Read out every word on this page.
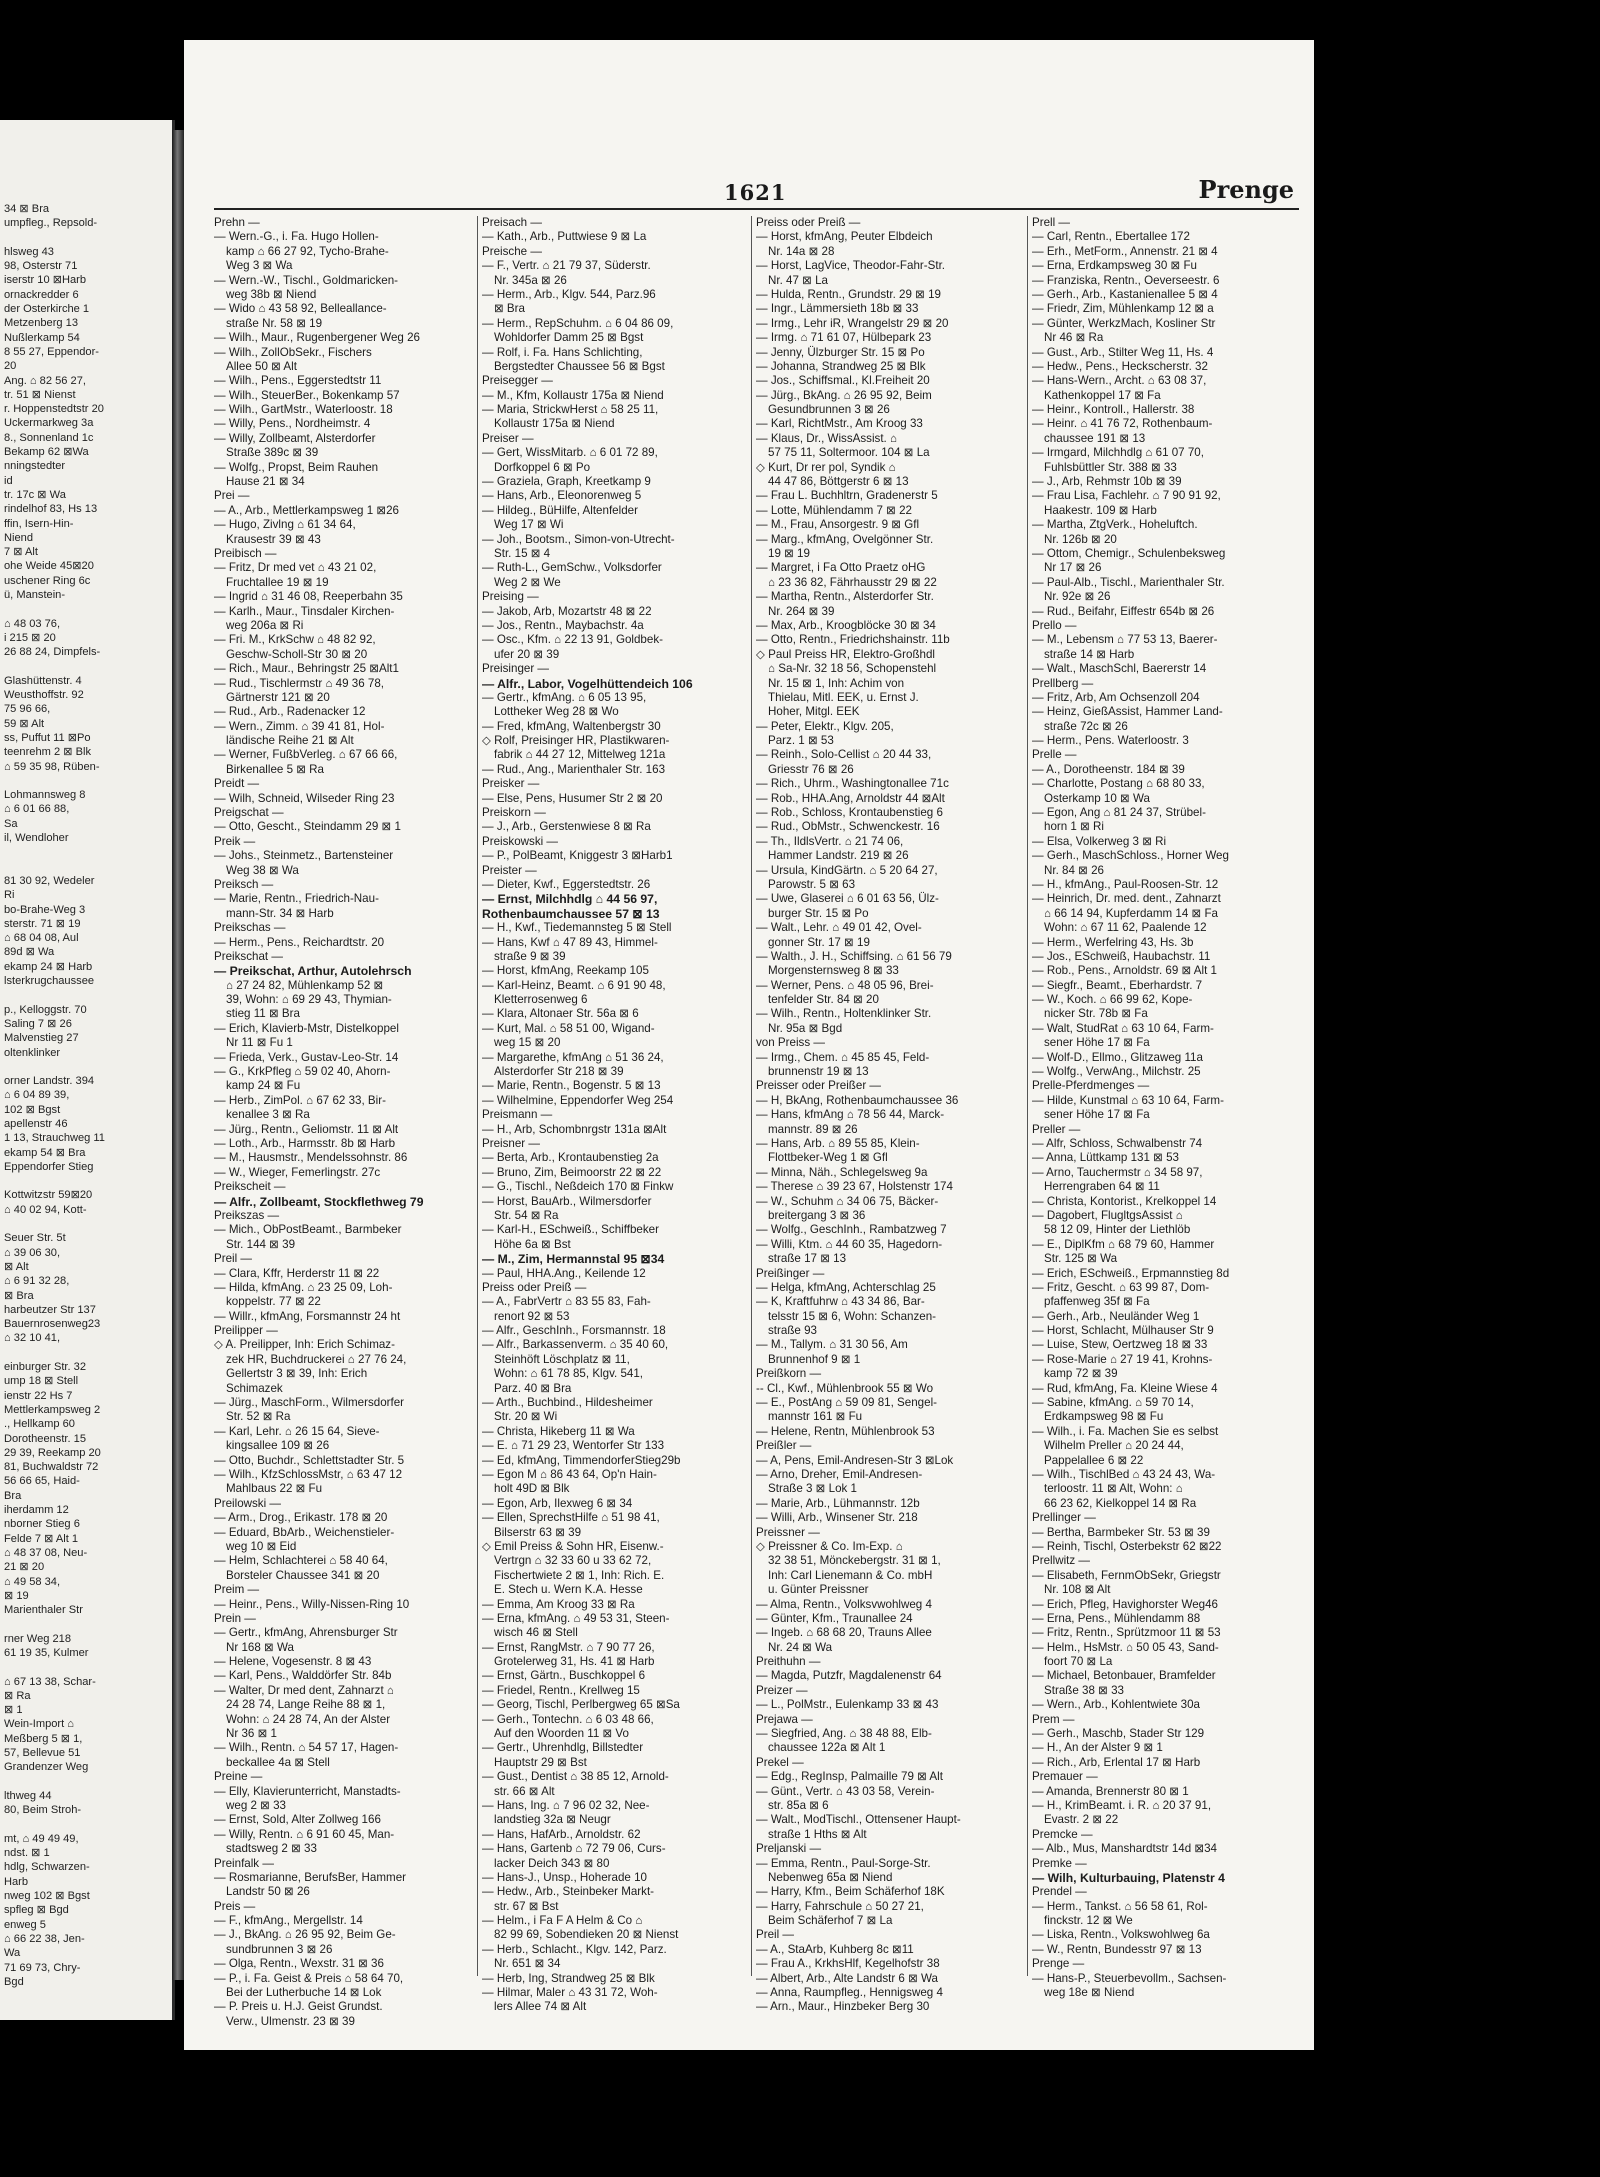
34 ⊠ Bra
umpfleg., Repsold-
hlsweg 43
98, Osterstr 71
iserstr 10 ⊠Harb
ornackredder 6
der Osterkirche 1
Metzenberg 13
Nußlerkamp 54
8 55 27, Eppendor-
20
Ang. ⌂ 82 56 27,
tr. 51 ⊠ Nienst
r. Hoppenstedtstr 20
Uckermarkweg 3a
8., Sonnenland 1c
Bekamp 62 ⊠Wa
nningstedter
id
tr. 17c ⊠ Wa
rindelhof 83, Hs 13
ffin, Isern-Hin-
Niend
7 ⊠ Alt
ohe Weide 45⊠20
uschener Ring 6c
ü, Manstein-
⌂ 48 03 76,
i 215 ⊠ 20
26 88 24, Dimpfels-
Glashüttenstr. 4
Weusthoffstr. 92
75 96 66,
59 ⊠ Alt
ss, Puffut 11 ⊠Po
teenrehm 2 ⊠ Blk
⌂ 59 35 98, Rüben-
Lohmannsweg 8
⌂ 6 01 66 88,
Sa
il, Wendloher
81 30 92, Wedeler
Ri
bo-Brahe-Weg 3
sterstr. 71 ⊠ 19
⌂ 68 04 08, Aul
89d ⊠ Wa
ekamp 24 ⊠ Harb
lsterkrugchaussee
p., Kelloggstr. 70
Saling 7 ⊠ 26
Malvenstieg 27
oltenklinker
orner Landstr. 394
⌂ 6 04 89 39,
102 ⊠ Bgst
apellenstr 46
1 13, Strauchweg 11
ekamp 54 ⊠ Bra
Eppendorfer Stieg
Kottwitzstr 59⊠20
⌂ 40 02 94, Kott-
Seuer Str. 5t
⌂ 39 06 30,
⊠ Alt
⌂ 6 91 32 28,
⊠ Bra
harbeutzer Str 137
Bauernrosenweg23
⌂ 32 10 41,
einburger Str. 32
ump 18 ⊠ Stell
ienstr 22 Hs 7
Mettlerkampsweg 2
., Hellkamp 60
Dorotheenstr. 15
29 39, Reekamp 20
81, Buchwaldstr 72
56 66 65, Haid-
Bra
iherdamm 12
nborner Stieg 6
Felde 7 ⊠ Alt 1
⌂ 48 37 08, Neu-
21 ⊠ 20
⌂ 49 58 34,
⊠ 19
Marienthaler Str
rner Weg 218
61 19 35, Kulmer
⌂ 67 13 38, Schar-
⊠ Ra
⊠ 1
Wein-Import ⌂
Meßberg 5 ⊠ 1,
57, Bellevue 51
Grandenzer Weg
lthweg 44
80, Beim Stroh-
mt, ⌂ 49 49 49,
ndst. ⊠ 1
hdlg, Schwarzen-
Harb
nweg 102 ⊠ Bgst
spfleg ⊠ Bgd
enweg 5
⌂ 66 22 38, Jen-
Wa
71 69 73, Chry-
Bgd
1621	Prenge
Prehn —
— Wern.-G., i. Fa. Hugo Hollen-
kamp ⌂ 66 27 92, Tycho-Brahe-
Weg 3 ⊠ Wa
— Wern.-W., Tischl., Goldmaricken-
weg 38b ⊠ Niend
— Wido ⌂ 43 58 92, Belleallance-
straße Nr. 58 ⊠ 19
— Wilh., Maur., Rugenbergener Weg 26
— Wilh., ZollObSekr., Fischers
Allee 50 ⊠ Alt
— Wilh., Pens., Eggerstedtstr 11
— Wilh., SteuerBer., Bokenkamp 57
— Wilh., GartMstr., Waterloostr. 18
— Willy, Pens., Nordheimstr. 4
— Willy, Zollbeamt, Alsterdorfer
Straße 389c ⊠ 39
— Wolfg., Propst, Beim Rauhen
Hause 21 ⊠ 34
Prei —
— A., Arb., Mettlerkampsweg 1 ⊠26
— Hugo, Zivlng ⌂ 61 34 64,
Krausestr 39 ⊠ 43
Preibisch —
— Fritz, Dr med vet ⌂ 43 21 02,
Fruchtallee 19 ⊠ 19
— Ingrid ⌂ 31 46 08, Reeperbahn 35
— Karlh., Maur., Tinsdaler Kirchen-
weg 206a ⊠ Ri
— Fri. M., KrkSchw ⌂ 48 82 92,
Geschw-Scholl-Str 30 ⊠ 20
— Rich., Maur., Behringstr 25 ⊠Alt1
— Rud., Tischlermstr ⌂ 49 36 78,
Gärtnerstr 121 ⊠ 20
— Rud., Arb., Radenacker 12
— Wern., Zimm. ⌂ 39 41 81, Hol-
ländische Reihe 21 ⊠ Alt
— Werner, FußbVerleg. ⌂ 67 66 66,
Birkenallee 5 ⊠ Ra
Preidt —
— Wilh, Schneid, Wilseder Ring 23
Preigschat —
— Otto, Gescht., Steindamm 29 ⊠ 1
Preik —
— Johs., Steinmetz., Bartensteiner
Weg 38 ⊠ Wa
Preiksch —
— Marie, Rentn., Friedrich-Nau-
mann-Str. 34 ⊠ Harb
Preikschas —
— Herm., Pens., Reichardtstr. 20
Preikschat —
— Preikschat, Arthur, Autolehrsch
⌂ 27 24 82, Mühlenkamp 52 ⊠
39, Wohn: ⌂ 69 29 43, Thymian-
stieg 11 ⊠ Bra
— Erich, Klavierb-Mstr, Distelkoppel
Nr 11 ⊠ Fu 1
— Frieda, Verk., Gustav-Leo-Str. 14
— G., KrkPfleg ⌂ 59 02 40, Ahorn-
kamp 24 ⊠ Fu
— Herb., ZimPol. ⌂ 67 62 33, Bir-
kenallee 3 ⊠ Ra
— Jürg., Rentn., Geliomstr. 11 ⊠ Alt
— Loth., Arb., Harmsstr. 8b ⊠ Harb
— M., Hausmstr., Mendelssohnstr. 86
— W., Wieger, Femerlingstr. 27c
Preikscheit —
— Alfr., Zollbeamt, Stockflethweg 79
Preikszas —
— Mich., ObPostBeamt., Barmbeker
Str. 144 ⊠ 39
Preil —
— Clara, Kffr, Herderstr 11 ⊠ 22
— Hilda, kfmAng. ⌂ 23 25 09, Loh-
koppelstr. 77 ⊠ 22
— Willr., kfmAng, Forsmannstr 24 ht
Preilipper —
◇ A. Preilipper, Inh: Erich Schimaz-
zek HR, Buchdruckerei ⌂ 27 76 24,
Gellertstr 3 ⊠ 39, Inh: Erich
Schimazek
— Jürg., MaschForm., Wilmersdorfer
Str. 52 ⊠ Ra
— Karl, Lehr. ⌂ 26 15 64, Sieve-
kingsallee 109 ⊠ 26
— Otto, Buchdr., Schlettstadter Str. 5
— Wilh., KfzSchlossMstr, ⌂ 63 47 12
Mahlbaus 22 ⊠ Fu
Preilowski —
— Arm., Drog., Erikastr. 178 ⊠ 20
— Eduard, BbArb., Weichenstieler-
weg 10 ⊠ Eid
— Helm, Schlachterei ⌂ 58 40 64,
Borsteler Chaussee 341 ⊠ 20
Preim —
— Heinr., Pens., Willy-Nissen-Ring 10
Prein —
— Gertr., kfmAng, Ahrensburger Str
Nr 168 ⊠ Wa
— Helene, Vogesenstr. 8 ⊠ 43
— Karl, Pens., Walddörfer Str. 84b
— Walter, Dr med dent, Zahnarzt ⌂
24 28 74, Lange Reihe 88 ⊠ 1,
Wohn: ⌂ 24 28 74, An der Alster
Nr 36 ⊠ 1
— Wilh., Rentn. ⌂ 54 57 17, Hagen-
beckallee 4a ⊠ Stell
Preine —
— Elly, Klavierunterricht, Manstadts-
weg 2 ⊠ 33
— Ernst, Sold, Alter Zollweg 166
— Willy, Rentn. ⌂ 6 91 60 45, Man-
stadtsweg 2 ⊠ 33
Preinfalk —
— Rosmarianne, BerufsBer, Hammer
Landstr 50 ⊠ 26
Preis —
— F., kfmAng., Mergellstr. 14
— J., BkAng. ⌂ 26 95 92, Beim Ge-
sundbrunnen 3 ⊠ 26
— Olga, Rentn., Wexstr. 31 ⊠ 36
— P., i. Fa. Geist & Preis ⌂ 58 64 70,
Bei der Lutherbuche 14 ⊠ Lok
— P. Preis u. H.J. Geist Grundst.
Verw., Ulmenstr. 23 ⊠ 39
Preisach —
— Kath., Arb., Puttwiese 9 ⊠ La
Preische —
— F., Vertr. ⌂ 21 79 37, Süderstr.
Nr. 345a ⊠ 26
— Herm., Arb., Klgv. 544, Parz.96
⊠ Bra
— Herm., RepSchuhm. ⌂ 6 04 86 09,
Wohldorfer Damm 25 ⊠ Bgst
— Rolf, i. Fa. Hans Schlichting,
Bergstedter Chaussee 56 ⊠ Bgst
Preisegger —
— M., Kfm, Kollaustr 175a ⊠ Niend
— Maria, StrickwHerst ⌂ 58 25 11,
Kollaustr 175a ⊠ Niend
Preiser —
— Gert, WissMitarb. ⌂ 6 01 72 89,
Dorfkoppel 6 ⊠ Po
— Graziela, Graph, Kreetkamp 9
— Hans, Arb., Eleonorenweg 5
— Hildeg., BüHilfe, Altenfelder
Weg 17 ⊠ Wi
— Joh., Bootsm., Simon-von-Utrecht-
Str. 15 ⊠ 4
— Ruth-L., GemSchw., Volksdorfer
Weg 2 ⊠ We
Preising —
— Jakob, Arb, Mozartstr 48 ⊠ 22
— Jos., Rentn., Maybachstr. 4a
— Osc., Kfm. ⌂ 22 13 91, Goldbek-
ufer 20 ⊠ 39
Preisinger —
— Alfr., Labor, Vogelhüttendeich 106
— Gertr., kfmAng. ⌂ 6 05 13 95,
Lottheker Weg 28 ⊠ Wo
— Fred, kfmAng, Waltenbergstr 30
◇ Rolf, Preisinger HR, Plastikwaren-
fabrik ⌂ 44 27 12, Mittelweg 121a
— Rud., Ang., Marienthaler Str. 163
Preisker —
— Else, Pens, Husumer Str 2 ⊠ 20
Preiskorn —
— J., Arb., Gerstenwiese 8 ⊠ Ra
Preiskowski —
— P., PolBeamt, Kniggestr 3 ⊠Harb1
Preister —
— Dieter, Kwf., Eggerstedtstr. 26
— Ernst, Milchhdlg ⌂ 44 56 97,
Rothenbaumchaussee 57 ⊠ 13
— H., Kwf., Tiedemannsteg 5 ⊠ Stell
— Hans, Kwf ⌂ 47 89 43, Himmel-
straße 9 ⊠ 39
— Horst, kfmAng, Reekamp 105
— Karl-Heinz, Beamt. ⌂ 6 91 90 48,
Kletterrosenweg 6
— Klara, Altonaer Str. 56a ⊠ 6
— Kurt, Mal. ⌂ 58 51 00, Wigand-
weg 15 ⊠ 20
— Margarethe, kfmAng ⌂ 51 36 24,
Alsterdorfer Str 218 ⊠ 39
— Marie, Rentn., Bogenstr. 5 ⊠ 13
— Wilhelmine, Eppendorfer Weg 254
Preismann —
— H., Arb, Schombnrgstr 131a ⊠Alt
Preisner —
— Berta, Arb., Krontaubenstieg 2a
— Bruno, Zim, Beimoorstr 22 ⊠ 22
— G., Tischl., Neßdeich 170 ⊠ Finkw
— Horst, BauArb., Wilmersdorfer
Str. 54 ⊠ Ra
— Karl-H., ESchweiß., Schiffbeker
Höhe 6a ⊠ Bst
— M., Zim, Hermannstal 95 ⊠34
— Paul, HHA.Ang., Keilende 12
Preiss oder Preiß —
— A., FabrVertr ⌂ 83 55 83, Fah-
renort 92 ⊠ 53
— Alfr., GeschInh., Forsmannstr. 18
— Alfr., Barkassenverm. ⌂ 35 40 60,
Steinhöft Löschplatz ⊠ 11,
Wohn: ⌂ 61 78 85, Klgv. 541,
Parz. 40 ⊠ Bra
— Arth., Buchbind., Hildesheimer
Str. 20 ⊠ Wi
— Christa, Hikeberg 11 ⊠ Wa
— E. ⌂ 71 29 23, Wentorfer Str 133
— Ed, kfmAng, TimmendorferStieg29b
— Egon M ⌂ 86 43 64, Op'n Hain-
holt 49D ⊠ Blk
— Egon, Arb, Ilexweg 6 ⊠ 34
— Ellen, SprechstHilfe ⌂ 51 98 41,
Bilserstr 63 ⊠ 39
◇ Emil Preiss & Sohn HR, Eisenw.-
Vertrgn ⌂ 32 33 60 u 33 62 72,
Fischertwiete 2 ⊠ 1, Inh: Rich. E.
E. Stech u. Wern K.A. Hesse
— Emma, Am Kroog 33 ⊠ Ra
— Erna, kfmAng. ⌂ 49 53 31, Steen-
wisch 46 ⊠ Stell
— Ernst, RangMstr. ⌂ 7 90 77 26,
Grotelerweg 31, Hs. 41 ⊠ Harb
— Ernst, Gärtn., Buschkoppel 6
— Friedel, Rentn., Krellweg 15
— Georg, Tischl, Perlbergweg 65 ⊠Sa
— Gerh., Tontechn. ⌂ 6 03 48 66,
Auf den Woorden 11 ⊠ Vo
— Gertr., Uhrenhdlg, Billstedter
Hauptstr 29 ⊠ Bst
— Gust., Dentist ⌂ 38 85 12, Arnold-
str. 66 ⊠ Alt
— Hans, Ing. ⌂ 7 96 02 32, Nee-
landstieg 32a ⊠ Neugr
— Hans, HafArb., Arnoldstr. 62
— Hans, Gartenb ⌂ 72 79 06, Curs-
lacker Deich 343 ⊠ 80
— Hans-J., Unsp., Hoherade 10
— Hedw., Arb., Steinbeker Markt-
str. 67 ⊠ Bst
— Helm., i Fa F A Helm & Co ⌂
82 99 69, Sobendieken 20 ⊠ Nienst
— Herb., Schlacht., Klgv. 142, Parz.
Nr. 651 ⊠ 34
— Herb, Ing, Strandweg 25 ⊠ Blk
— Hilmar, Maler ⌂ 43 31 72, Woh-
lers Allee 74 ⊠ Alt
Preiss oder Preiß —
— Horst, kfmAng, Peuter Elbdeich
Nr. 14a ⊠ 28
— Horst, LagVice, Theodor-Fahr-Str.
Nr. 47 ⊠ La
— Hulda, Rentn., Grundstr. 29 ⊠ 19
— Ingr., Lämmersieth 18b ⊠ 33
— Irmg., Lehr iR, Wrangelstr 29 ⊠ 20
— Irmg. ⌂ 71 61 07, Hülbepark 23
— Jenny, Ülzburger Str. 15 ⊠ Po
— Johanna, Strandweg 25 ⊠ Blk
— Jos., Schiffsmal., Kl.Freiheit 20
— Jürg., BkAng. ⌂ 26 95 92, Beim
Gesundbrunnen 3 ⊠ 26
— Karl, RichtMstr., Am Kroog 33
— Klaus, Dr., WissAssist. ⌂
57 75 11, Soltermoor. 104 ⊠ La
◇ Kurt, Dr rer pol, Syndik ⌂
44 47 86, Böttgerstr 6 ⊠ 13
— Frau L. Buchhltrn, Gradenerstr 5
— Lotte, Mühlendamm 7 ⊠ 22
— M., Frau, Ansorgestr. 9 ⊠ Gfl
— Marg., kfmAng, Ovelgönner Str.
19 ⊠ 19
— Margret, i Fa Otto Praetz oHG
⌂ 23 36 82, Fährhausstr 29 ⊠ 22
— Martha, Rentn., Alsterdorfer Str.
Nr. 264 ⊠ 39
— Max, Arb., Kroogblöcke 30 ⊠ 34
— Otto, Rentn., Friedrichshainstr. 11b
◇ Paul Preiss HR, Elektro-Großhdl
⌂ Sa-Nr. 32 18 56, Schopenstehl
Nr. 15 ⊠ 1, Inh: Achim von
Thielau, Mitl. EEK, u. Ernst J.
Hoher, Mitgl. EEK
— Peter, Elektr., Klgv. 205,
Parz. 1 ⊠ 53
— Reinh., Solo-Cellist ⌂ 20 44 33,
Griesstr 76 ⊠ 26
— Rich., Uhrm., Washingtonallee 71c
— Rob., HHA.Ang, Arnoldstr 44 ⊠Alt
— Rob., Schloss, Krontaubenstieg 6
— Rud., ObMstr., Schwenckestr. 16
— Th., IldlsVertr. ⌂ 21 74 06,
Hammer Landstr. 219 ⊠ 26
— Ursula, KindGärtn. ⌂ 5 20 64 27,
Parowstr. 5 ⊠ 63
— Uwe, Glaserei ⌂ 6 01 63 56, Ülz-
burger Str. 15 ⊠ Po
— Walt., Lehr. ⌂ 49 01 42, Ovel-
gonner Str. 17 ⊠ 19
— Walth., J. H., Schiffsing. ⌂ 61 56 79
Morgensternsweg 8 ⊠ 33
— Werner, Pens. ⌂ 48 05 96, Brei-
tenfelder Str. 84 ⊠ 20
— Wilh., Rentn., Holtenklinker Str.
Nr. 95a ⊠ Bgd
von Preiss —
— Irmg., Chem. ⌂ 45 85 45, Feld-
brunnenstr 19 ⊠ 13
Preisser oder Preißer —
— H, BkAng, Rothenbaumchaussee 36
— Hans, kfmAng ⌂ 78 56 44, Marck-
mannstr. 89 ⊠ 26
— Hans, Arb. ⌂ 89 55 85, Klein-
Flottbeker-Weg 1 ⊠ Gfl
— Minna, Näh., Schlegelsweg 9a
— Therese ⌂ 39 23 67, Holstenstr 174
— W., Schuhm ⌂ 34 06 75, Bäcker-
breitergang 3 ⊠ 36
— Wolfg., GeschInh., Rambatzweg 7
— Willi, Ktm. ⌂ 44 60 35, Hagedorn-
straße 17 ⊠ 13
Preißinger —
— Helga, kfmAng, Achterschlag 25
— K, Kraftfuhrw ⌂ 43 34 86, Bar-
telsstr 15 ⊠ 6, Wohn: Schanzen-
straße 93
— M., Tallym. ⌂ 31 30 56, Am
Brunnenhof 9 ⊠ 1
Preißkorn —
-- Cl., Kwf., Mühlenbrook 55 ⊠ Wo
— E., PostAng ⌂ 59 09 81, Sengel-
mannstr 161 ⊠ Fu
— Helene, Rentn, Mühlenbrook 53
Preißler —
— A, Pens, Emil-Andresen-Str 3 ⊠Lok
— Arno, Dreher, Emil-Andresen-
Straße 3 ⊠ Lok 1
— Marie, Arb., Lühmannstr. 12b
— Willi, Arb., Winsener Str. 218
Preissner —
◇ Preissner & Co. Im-Exp. ⌂
32 38 51, Mönckebergstr. 31 ⊠ 1,
Inh: Carl Lienemann & Co. mbH
u. Günter Preissner
— Alma, Rentn., Volksvwohlweg 4
— Günter, Kfm., Traunallee 24
— Ingeb. ⌂ 68 68 20, Trauns Allee
Nr. 24 ⊠ Wa
Preithuhn —
— Magda, Putzfr, Magdalenenstr 64
Preizer —
— L., PolMstr., Eulenkamp 33 ⊠ 43
Prejawa —
— Siegfried, Ang. ⌂ 38 48 88, Elb-
chaussee 122a ⊠ Alt 1
Prekel —
— Edg., RegInsp, Palmaille 79 ⊠ Alt
— Günt., Vertr. ⌂ 43 03 58, Verein-
str. 85a ⊠ 6
— Walt., ModTischl., Ottensener Haupt-
straße 1 Hths ⊠ Alt
Preljanski —
— Emma, Rentn., Paul-Sorge-Str.
Nebenweg 65a ⊠ Niend
— Harry, Kfm., Beim Schäferhof 18K
— Harry, Fahrschule ⌂ 50 27 21,
Beim Schäferhof 7 ⊠ La
Preil —
— A., StaArb, Kuhberg 8c ⊠11
— Frau A., KrkhsHlf, Kegelhofstr 38
— Albert, Arb., Alte Landstr 6 ⊠ Wa
— Anna, Raumpfleg., Hennigsweg 4
— Arn., Maur., Hinzbeker Berg 30
Prell —
— Carl, Rentn., Ebertallee 172
— Erh., MetForm., Annenstr. 21 ⊠ 4
— Erna, Erdkampsweg 30 ⊠ Fu
— Franziska, Rentn., Oeverseestr. 6
— Gerh., Arb., Kastanienallee 5 ⊠ 4
— Friedr, Zim, Mühlenkamp 12 ⊠ a
— Günter, WerkzMach, Kosliner Str
Nr 46 ⊠ Ra
— Gust., Arb., Stilter Weg 11, Hs. 4
— Hedw., Pens., Heckscherstr. 32
— Hans-Wern., Archt. ⌂ 63 08 37,
Kathenkoppel 17 ⊠ Fa
— Heinr., Kontroll., Hallerstr. 38
— Heinr. ⌂ 41 76 72, Rothenbaum-
chaussee 191 ⊠ 13
— Irmgard, Milchhdlg ⌂ 61 07 70,
Fuhlsbüttler Str. 388 ⊠ 33
— J., Arb, Rehmstr 10b ⊠ 39
— Frau Lisa, Fachlehr. ⌂ 7 90 91 92,
Haakestr. 109 ⊠ Harb
— Martha, ZtgVerk., Hoheluftch.
Nr. 126b ⊠ 20
— Ottom, Chemigr., Schulenbeksweg
Nr 17 ⊠ 26
— Paul-Alb., Tischl., Marienthaler Str.
Nr. 92e ⊠ 26
— Rud., Beifahr, Eiffestr 654b ⊠ 26
Prello —
— M., Lebensm ⌂ 77 53 13, Baerer-
straße 14 ⊠ Harb
— Walt., MaschSchl, Baererstr 14
Prellberg —
— Fritz, Arb, Am Ochsenzoll 204
— Heinz, GießAssist, Hammer Land-
straße 72c ⊠ 26
— Herm., Pens. Waterloostr. 3
Prelle —
— A., Dorotheenstr. 184 ⊠ 39
— Charlotte, Postang ⌂ 68 80 33,
Osterkamp 10 ⊠ Wa
— Egon, Ang ⌂ 81 24 37, Strübel-
horn 1 ⊠ Ri
— Elsa, Volkerweg 3 ⊠ Ri
— Gerh., MaschSchloss., Horner Weg
Nr. 84 ⊠ 26
— H., kfmAng., Paul-Roosen-Str. 12
— Heinrich, Dr. med. dent., Zahnarzt
⌂ 66 14 94, Kupferdamm 14 ⊠ Fa
Wohn: ⌂ 67 11 62, Paalende 12
— Herm., Werfelring 43, Hs. 3b
— Jos., ESchweiß, Haubachstr. 11
— Rob., Pens., Arnoldstr. 69 ⊠ Alt 1
— Siegfr., Beamt., Eberhardstr. 7
— W., Koch. ⌂ 66 99 62, Kope-
nicker Str. 78b ⊠ Fa
— Walt, StudRat ⌂ 63 10 64, Farm-
sener Höhe 17 ⊠ Fa
— Wolf-D., Ellmo., Glitzaweg 11a
— Wolfg., VerwAng., Milchstr. 25
Prelle-Pferdmenges —
— Hilde, Kunstmal ⌂ 63 10 64, Farm-
sener Höhe 17 ⊠ Fa
Preller —
— Alfr, Schloss, Schwalbenstr 74
— Anna, Lüttkamp 131 ⊠ 53
— Arno, Tauchermstr ⌂ 34 58 97,
Herrengraben 64 ⊠ 11
— Christa, Kontorist., Krelkoppel 14
— Dagobert, FlugltgsAssist ⌂
58 12 09, Hinter der Liethlöb
— E., DiplKfm ⌂ 68 79 60, Hammer
Str. 125 ⊠ Wa
— Erich, ESchweiß., Erpmannstieg 8d
— Fritz, Gescht. ⌂ 63 99 87, Dom-
pfaffenweg 35f ⊠ Fa
— Gerh., Arb., Neuländer Weg 1
— Horst, Schlacht, Mülhauser Str 9
— Luise, Stew, Oertzweg 18 ⊠ 33
— Rose-Marie ⌂ 27 19 41, Krohns-
kamp 72 ⊠ 39
— Rud, kfmAng, Fa. Kleine Wiese 4
— Sabine, kfmAng. ⌂ 59 70 14,
Erdkampsweg 98 ⊠ Fu
— Wilh., i. Fa. Machen Sie es selbst
Wilhelm Preller ⌂ 20 24 44,
Pappelallee 6 ⊠ 22
— Wilh., TischlBed ⌂ 43 24 43, Wa-
terloostr. 11 ⊠ Alt, Wohn: ⌂
66 23 62, Kielkoppel 14 ⊠ Ra
Prellinger —
— Bertha, Barmbeker Str. 53 ⊠ 39
— Reinh, Tischl, Osterbekstr 62 ⊠22
Prellwitz —
— Elisabeth, FernmObSekr, Griegstr
Nr. 108 ⊠ Alt
— Erich, Pfleg, Havighorster Weg46
— Erna, Pens., Mühlendamm 88
— Fritz, Rentn., Sprützmoor 11 ⊠ 53
— Helm., HsMstr. ⌂ 50 05 43, Sand-
foort 70 ⊠ La
— Michael, Betonbauer, Bramfelder
Straße 38 ⊠ 33
— Wern., Arb., Kohlentwiete 30a
Prem —
— Gerh., Maschb, Stader Str 129
— H., An der Alster 9 ⊠ 1
— Rich., Arb, Erlental 17 ⊠ Harb
Premauer —
— Amanda, Brennerstr 80 ⊠ 1
— H., KrimBeamt. i. R. ⌂ 20 37 91,
Evastr. 2 ⊠ 22
Premcke —
— Alb., Mus, Manshardtstr 14d ⊠34
Premke —
— Wilh, Kulturbauing, Platenstr 4
Prendel —
— Herm., Tankst. ⌂ 56 58 61, Rol-
finckstr. 12 ⊠ We
— Liska, Rentn., Volkswohlweg 6a
— W., Rentn, Bundesstr 97 ⊠ 13
Prenge —
— Hans-P., Steuerbevollm., Sachsen-
weg 18e ⊠ Niend
